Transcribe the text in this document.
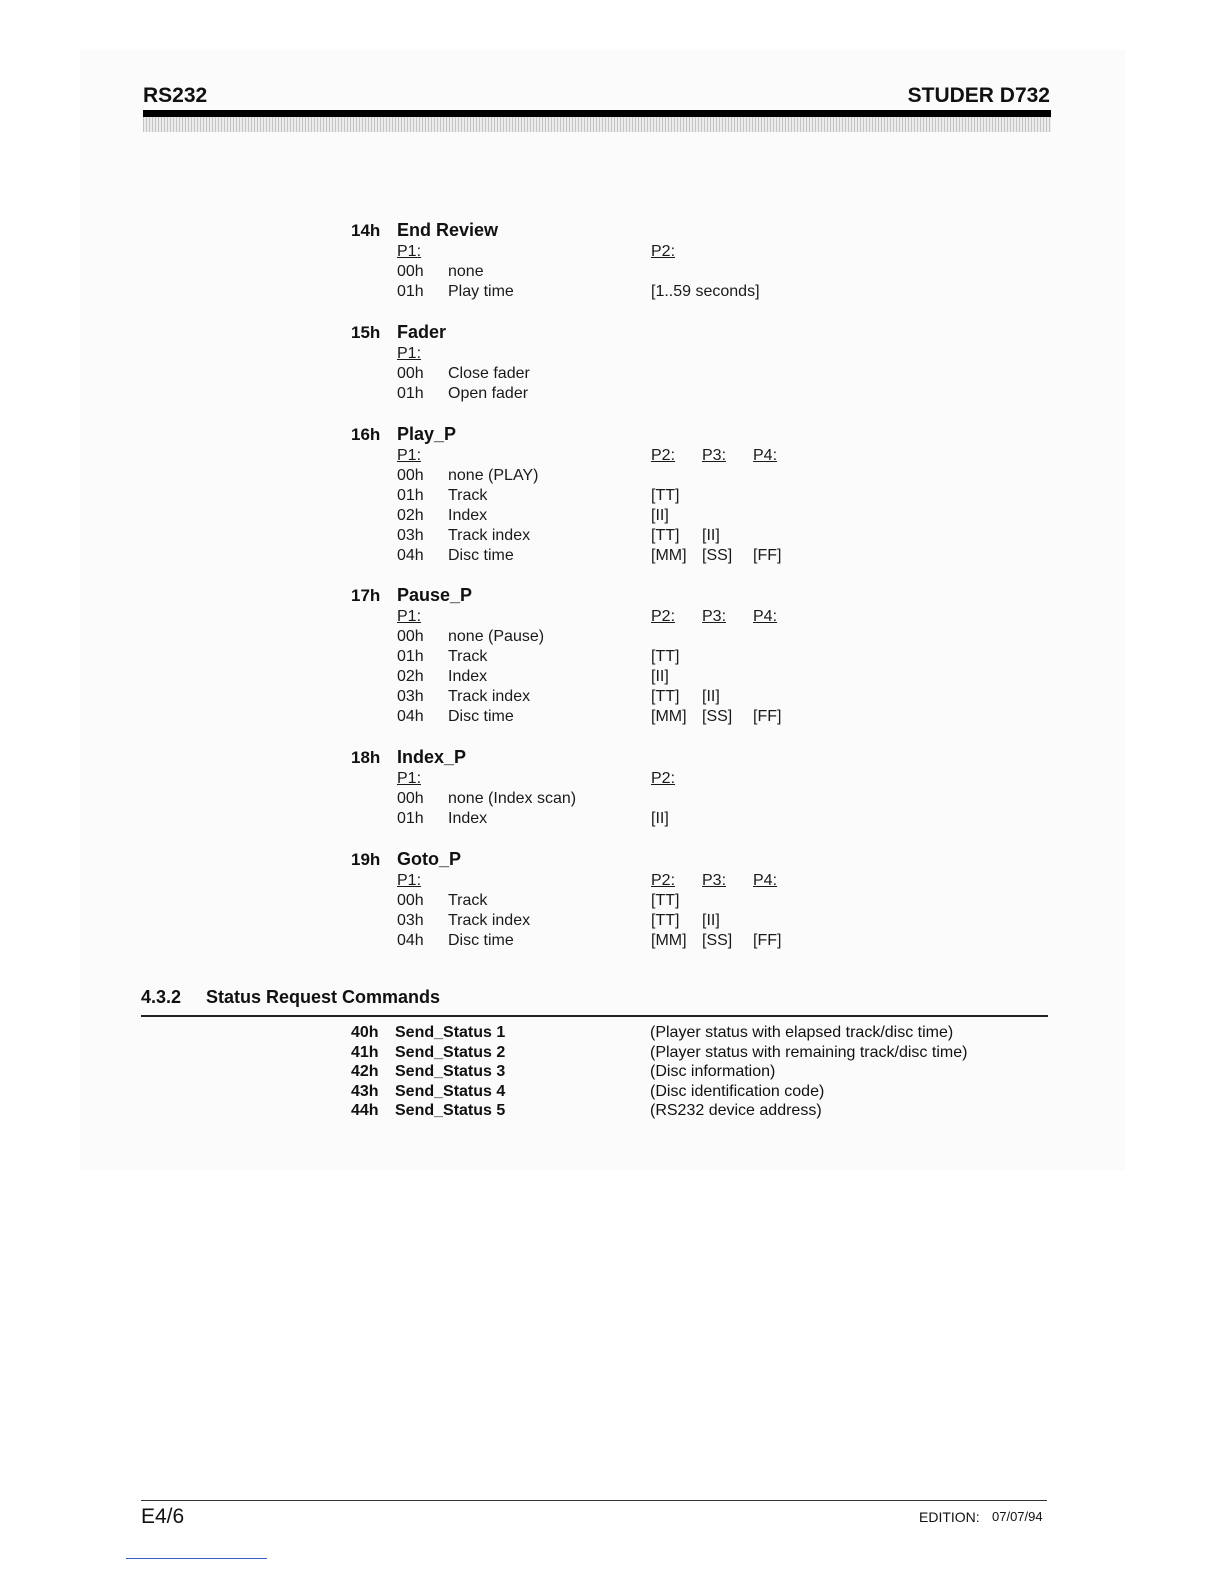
RS232	STUDER D732
14h End Review
P1:	P2:
00h none
01h Play time	[1..59 seconds]
15h Fader
P1:
00h Close fader
01h Open fader
16h Play_P
P1:	P2: P3: P4:
00h none (PLAY)
01h Track	[TT]
02h Index	[II]
03h Track index	[TT] [II]
04h Disc time	[MM] [SS] [FF]
17h Pause_P
P1:	P2: P3: P4:
00h none (Pause)
01h Track	[TT]
02h Index	[II]
03h Track index	[TT] [II]
04h Disc time	[MM] [SS] [FF]
18h Index_P
P1:	P2:
00h none (Index scan)
01h Index	[II]
19h Goto_P
P1:	P2: P3: P4:
00h Track	[TT]
03h Track index	[TT] [II]
04h Disc time	[MM] [SS] [FF]
4.3.2 Status Request Commands
40h Send_Status 1	(Player status with elapsed track/disc time)
41h Send_Status 2	(Player status with remaining track/disc time)
42h Send_Status 3	(Disc information)
43h Send_Status 4	(Disc identification code)
44h Send_Status 5	(RS232 device address)
E4/6	EDITION: 07/07/94
